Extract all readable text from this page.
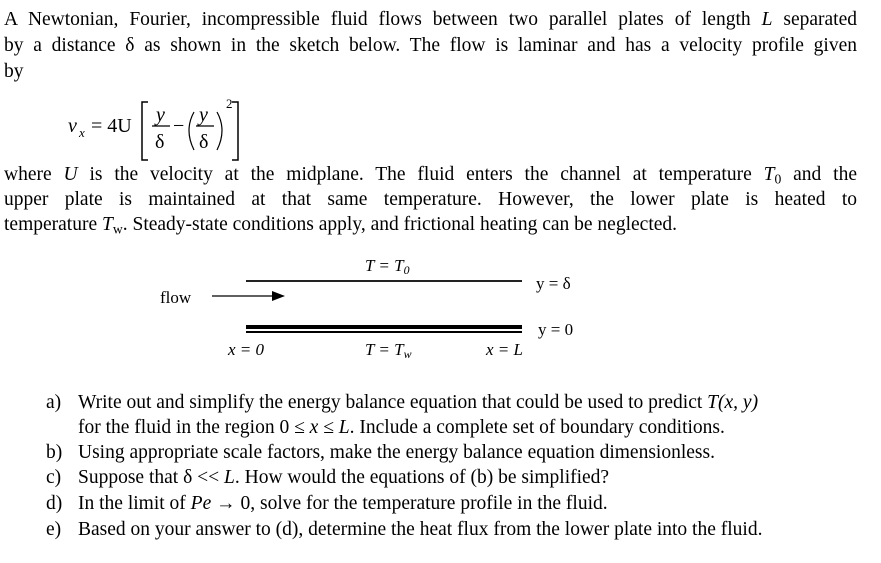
A Newtonian, Fourier, incompressible fluid flows between two parallel plates of length L separated
by a distance δ as shown in the sketch below. The flow is laminar and has a velocity profile given
by
v x = 4U y
δ
− y
δ
2
where U is the velocity at the midplane. The fluid enters the channel at temperature $T_0$ and the
upper plate is maintained at that same temperature. However, the lower plate is heated to
temperature $T_w$. Steady-state conditions apply, and frictional heating can be neglected.
$T = T_0$
y = δ
flow
y = 0
x = 0	$T = T_w$	x = L
a) Write out and simplify the energy balance equation that could be used to predict T(x, y)
for the fluid in the region 0 ≤ x ≤ L. Include a complete set of boundary conditions.
b) Using appropriate scale factors, make the energy balance equation dimensionless.
c) Suppose that δ << L. How would the equations of (b) be simplified?
d) In the limit of Pe → 0, solve for the temperature profile in the fluid.
e) Based on your answer to (d), determine the heat flux from the lower plate into the fluid.
